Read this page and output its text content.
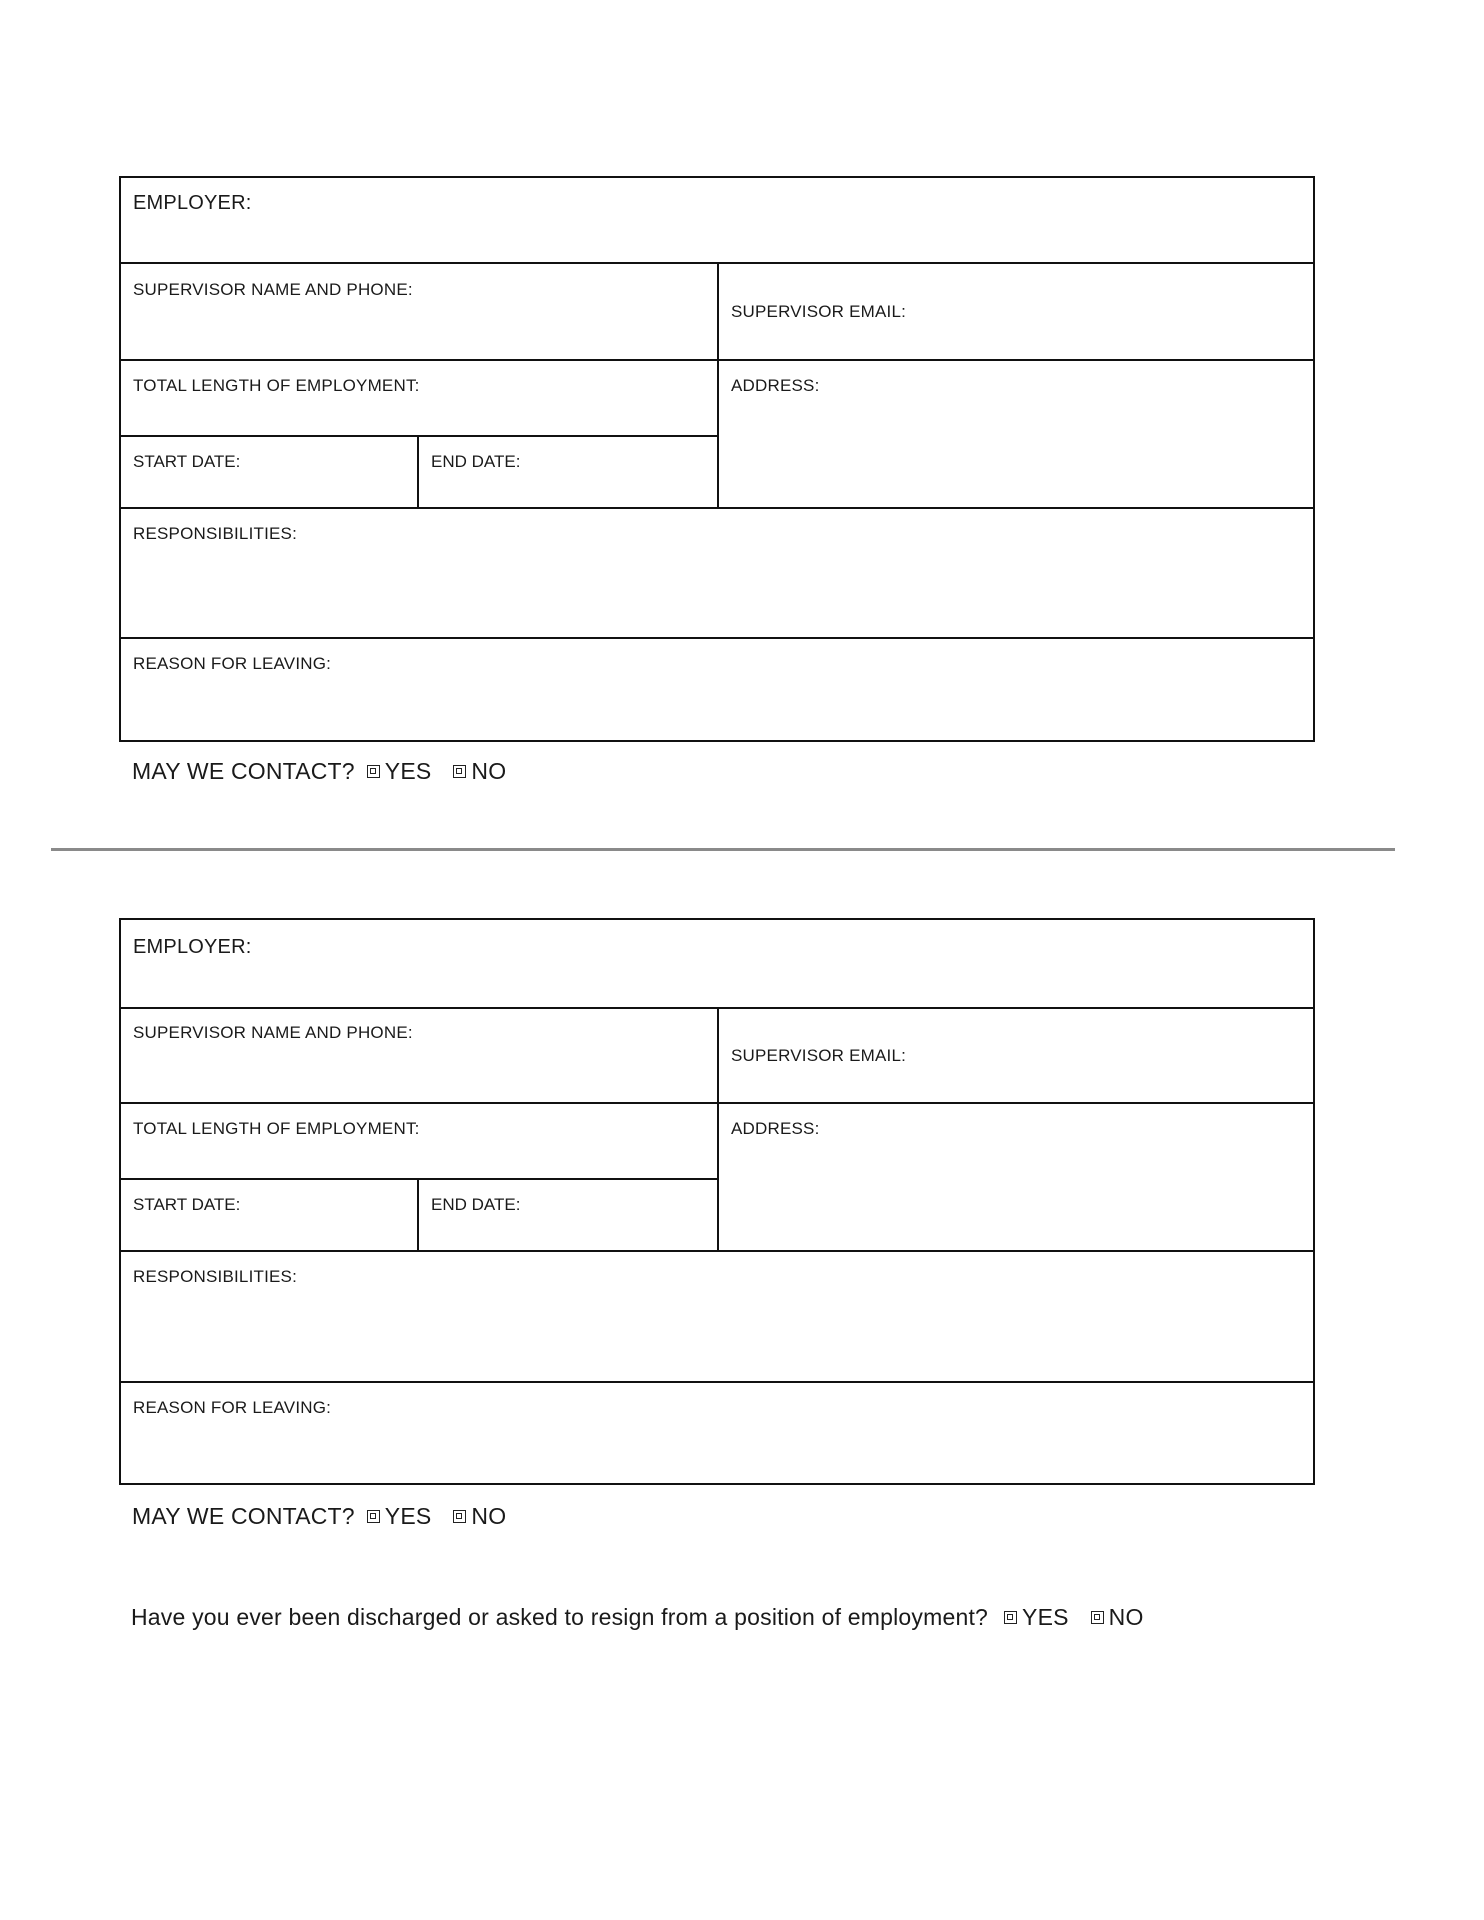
EMPLOYER:
SUPERVISOR NAME AND PHONE:
SUPERVISOR EMAIL:
TOTAL LENGTH OF EMPLOYMENT:
START DATE:	END DATE:
ADDRESS:
RESPONSIBILITIES:
REASON FOR LEAVING:
MAY WE CONTACT? YES NO
EMPLOYER:
SUPERVISOR NAME AND PHONE:
SUPERVISOR EMAIL:
TOTAL LENGTH OF EMPLOYMENT:
START DATE:	END DATE:
ADDRESS:
RESPONSIBILITIES:
REASON FOR LEAVING:
MAY WE CONTACT? YES NO
Have you ever been discharged or asked to resign from a position of employment? YES NO
